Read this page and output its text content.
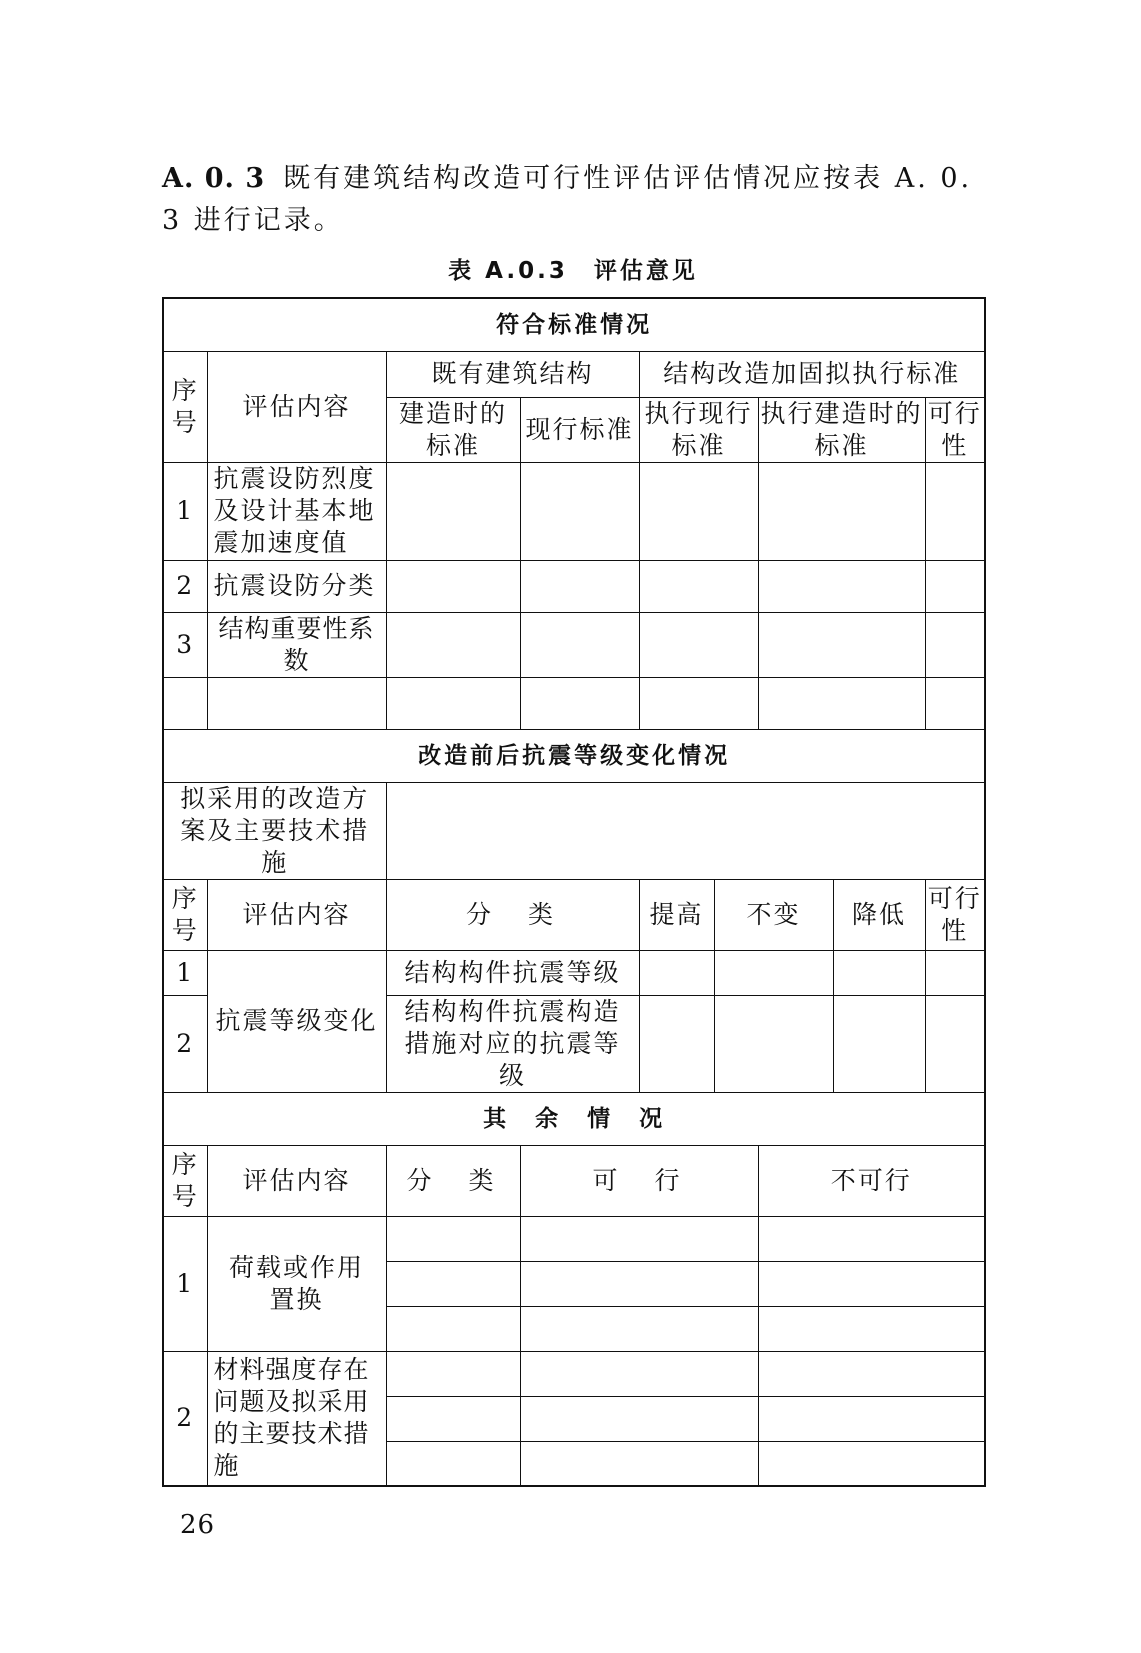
A. 0. 3 既有建筑结构改造可行性评估评估情况应按表 A. 0. 3 进行记录。
表 A.0.3 评估意见
符合标准情况								
序号	评估内容	既有建筑结构		结构改造加固拟执行标准				
		建造时的标准	现行标准	执行现行标准		执行建造时的标准		可行性
1	抗震设防烈度及设计基本地震加速度值							
2	抗震设防分类							
3	结构重要性系数							

改造前后抗震等级变化情况								
拟采用的改造方案及主要技术措施								
序号	评估内容	分　类		提高	不变		降低	可行性
1	抗震等级变化	结构构件抗震等级						
2		结构构件抗震构造措施对应的抗震等级						
其　余　情　况								
序号	评估内容	分　类	可　行			不可行		
1	荷载或作用置换							

2	材料强度存在问题及拟采用的主要技术措施							

26
